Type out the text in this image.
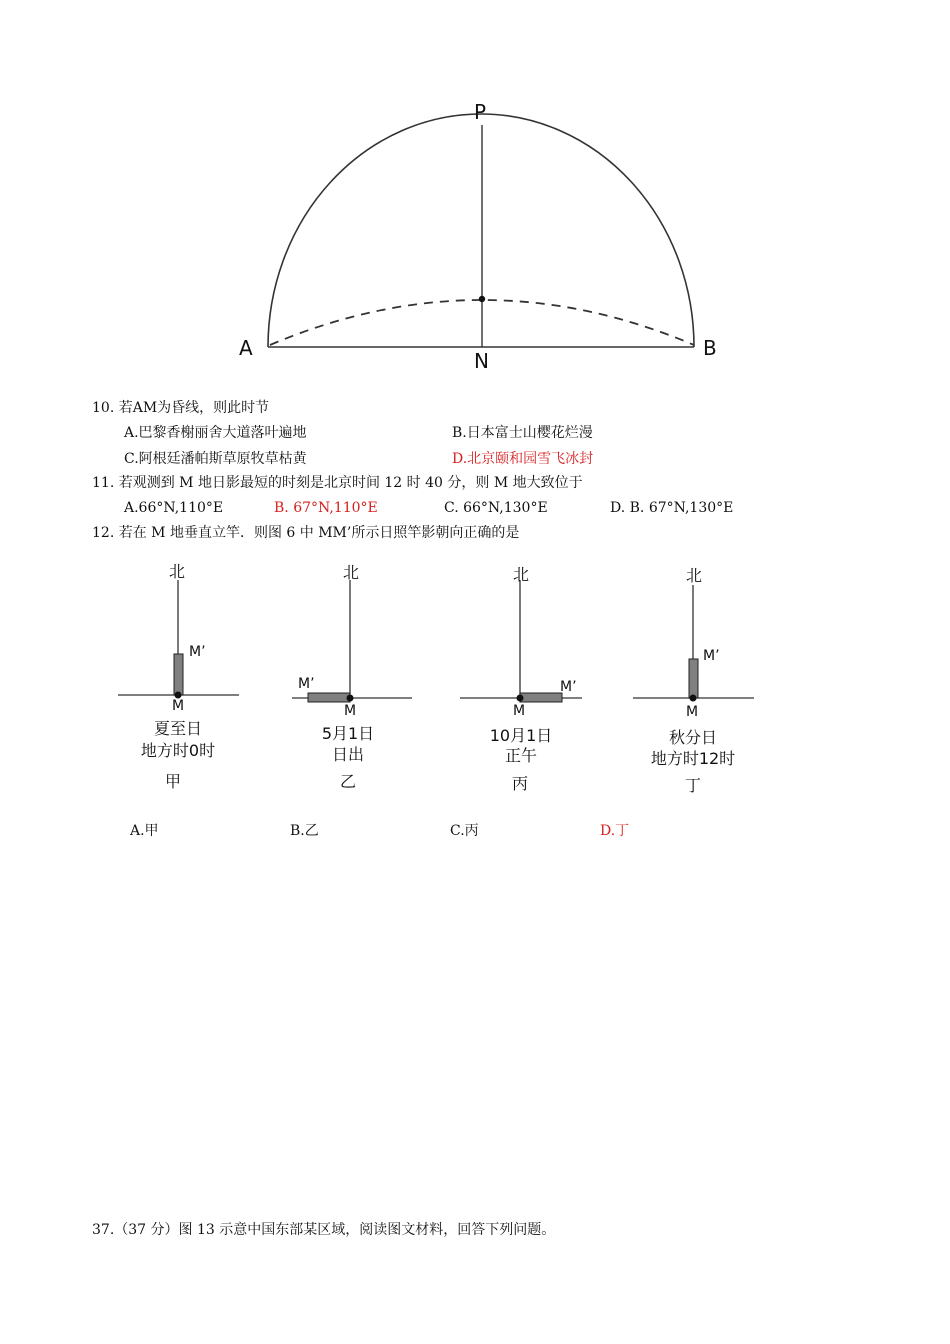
P
A
N
B
10. 若AM为昏线，则此时节
A.巴黎香榭丽舍大道落叶遍地	B.日本富士山樱花烂漫
C.阿根廷潘帕斯草原牧草枯黄	D.北京颐和园雪飞冰封
11. 若观测到 M 地日影最短的时刻是北京时间 12 时 40 分，则 M 地大致位于
A.66°N,110°E	B. 67°N,110°E	C. 66°N,130°E	D. B. 67°N,130°E
12. 若在 M 地垂直立竿．则图 6 中 MM’所示日照竿影朝向正确的是
北
M’
M
夏至日
地方时0时
甲
北
M’
M
5月1日
日出
乙
北
M’
M
10月1日
正午
丙
北
M’
M
秋分日
地方时12时
丁
A.甲	B.乙	C.丙	D.丁
37.（37 分）图 13 示意中国东部某区域，阅读图文材料，回答下列问题。
